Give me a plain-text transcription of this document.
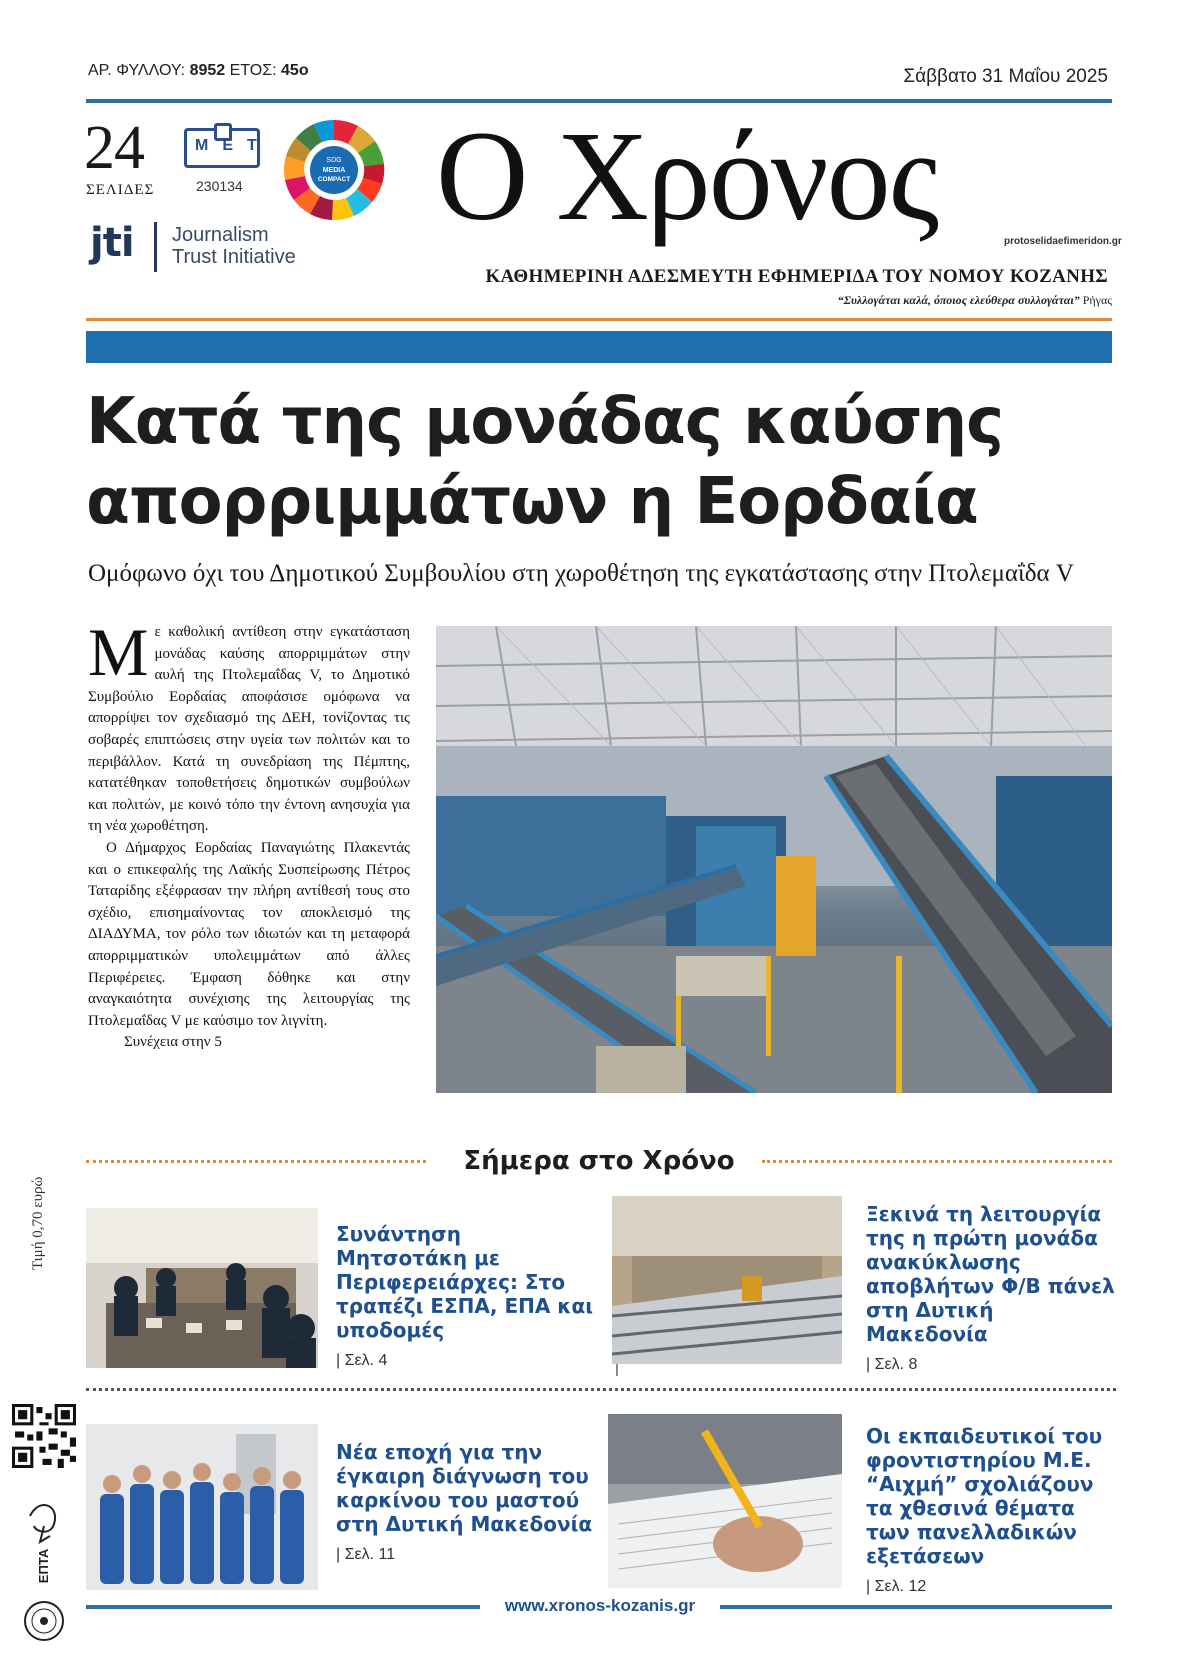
ΑΡ. ΦΥΛΛΟΥ: 8952 ΕΤΟΣ: 45ο	Σάββατο 31 Μαΐου 2025
24
ΣΕΛΙΔΕΣ
ΜΕΤ
230134
SDG
MEDIA
COMPACT
jti Journalism
Trust Initiative
Ο Χρόνος	protoselidaefimeridon.gr
ΚΑΘΗΜΕΡΙΝΗ ΑΔΕΣΜΕΥΤΗ ΕΦΗΜΕΡΙΔΑ ΤΟΥ ΝΟΜΟΥ ΚΟΖΑΝΗΣ
“Συλλογάται καλά, όποιος ελεύθερα συλλογάται” Ρήγας
Κατά της μονάδας καύσης
απορριμμάτων η Εορδαία
Ομόφωνο όχι του Δημοτικού Συμβουλίου στη χωροθέτηση της εγκατάστασης στην Πτολεμαΐδα V

Με καθολική αντίθεση στην εγκατάσταση μονάδας καύσης απορριμμάτων στην αυλή της Πτολεμαΐδας V, το Δημοτικό Συμβούλιο Εορδαίας αποφάσισε ομόφωνα να απορρίψει τον σχεδιασμό της ΔΕΗ, τονίζοντας τις σοβαρές επιπτώσεις στην υγεία των πολιτών και το περιβάλλον. Κατά τη συνεδρίαση της Πέμπτης, κατατέθηκαν τοποθετήσεις δημοτικών συμβούλων και πολιτών, με κοινό τόπο την έντονη ανησυχία για τη νέα χωροθέτηση.

Ο Δήμαρχος Εορδαίας Παναγιώτης Πλακεντάς και ο επικεφαλής της Λαϊκής Συσπείρωσης Πέτρος Ταταρίδης εξέφρασαν την πλήρη αντίθεσή τους στο σχέδιο, επισημαίνοντας τον αποκλεισμό της ΔΙΑΔΥΜΑ, τον ρόλο των ιδιωτών και τη μεταφορά απορριμματικών υπολειμμάτων από άλλες Περιφέρειες. Έμφαση δόθηκε και στην αναγκαιότητα συνέχισης της λειτουργίας της Πτολεμαΐδας V με καύσιμο τον λιγνίτη.

Συνέχεια στην 5

Σήμερα στο Χρόνο
Συνάντηση Μητσοτάκη με Περιφερειάρχες: Στο τραπέζι ΕΣΠΑ, ΕΠΑ και υποδομές
| Σελ. 4
Ξεκινά τη λειτουργία της η πρώτη μονάδα ανακύκλωσης αποβλήτων Φ/Β πάνελ στη Δυτική Μακεδονία
| Σελ. 8
Νέα εποχή για την έγκαιρη διάγνωση του καρκίνου του μαστού στη Δυτική Μακεδονία
| Σελ. 11
Οι εκπαιδευτικοί του φροντιστηρίου Μ.Ε. “Αιχμή” σχολιάζουν τα χθεσινά θέματα των πανελλαδικών εξετάσεων
| Σελ. 12
Τιμή 0,70 ευρώ
ΕΠΤΑ
www.xronos-kozanis.gr
